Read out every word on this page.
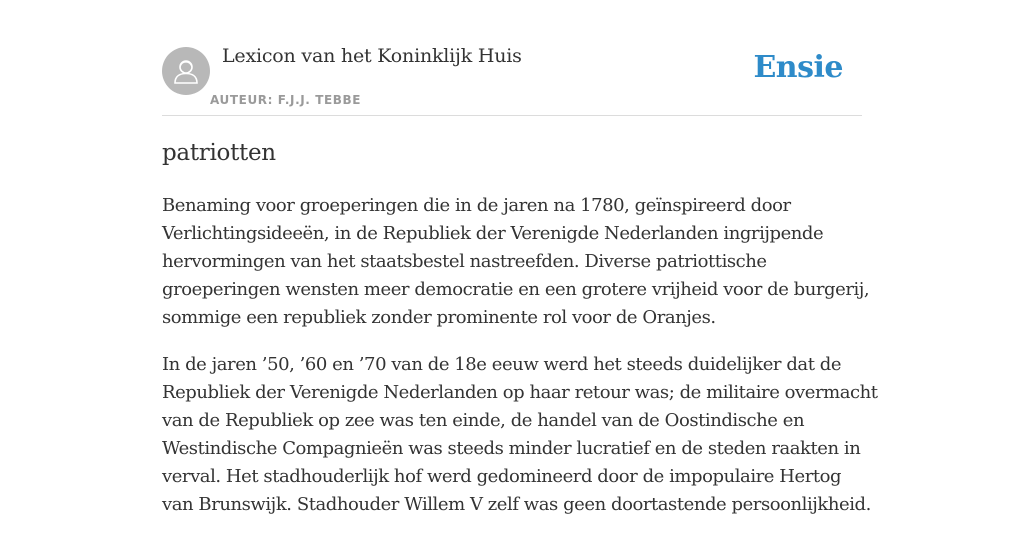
Lexicon van het Koninklijk Huis
AUTEUR: F.J.J. TEBBE
Ensie
patriotten
Benaming voor groeperingen die in de jaren na 1780, geïnspireerd door
Verlichtingsideeën, in de Republiek der Verenigde Nederlanden ingrijpende
hervormingen van het staatsbestel nastreefden. Diverse patriottische
groeperingen wensten meer democratie en een grotere vrijheid voor de burgerij,
sommige een republiek zonder prominente rol voor de Oranjes.
In de jaren ’50, ’60 en ’70 van de 18e eeuw werd het steeds duidelijker dat de
Republiek der Verenigde Nederlanden op haar retour was; de militaire overmacht
van de Republiek op zee was ten einde, de handel van de Oostindische en
Westindische Compagnieën was steeds minder lucratief en de steden raakten in
verval. Het stadhouderlijk hof werd gedomineerd door de impopulaire Hertog
van Brunswijk. Stadhouder Willem V zelf was geen doortastende persoonlijkheid.
